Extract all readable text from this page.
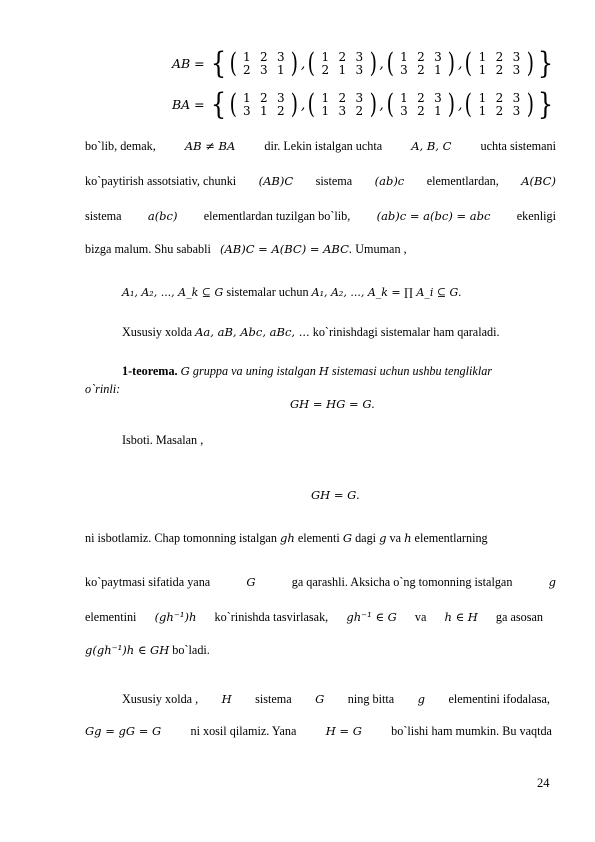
AB = { ( 1 2 3
2 3 1 ) , ( 1 2 3
2 1 3 ) , ( 1 2 3
3 2 1 ) , ( 1 2 3
1 2 3 ) }
BA = { ( 1 2 3
3 1 2 ) , ( 1 2 3
1 3 2 ) , ( 1 2 3
3 2 1 ) , ( 1 2 3
1 2 3 ) }
bo`lib, demak,	AB ≠ BA dir. Lekin istalgan uchta	A, B, C uchta sistemani
ko`paytirish assotsiativ, chunki (AB)C sistema (ab)c elementlardan, A(BC)
sistema a(bc) elementlardan tuzilgan bo`lib, (ab)c = a(bc) = abc ekenligi
bizga malum. Shu sababli (AB)C = A(BC) = ABC. Umuman ,
A₁, A₂, ..., A_k ⊆ G sistemalar uchun A₁, A₂, ..., A_k = ∏ A_i ⊆ G.
Xususiy xolda Aa, aB, Abc, aBc, ... ko`rinishdagi sistemalar ham qaraladi.
1-teorema. G gruppa va uning istalgan H sistemasi uchun ushbu tengliklar
o`rinli:
GH = HG = G.
Isboti. Masalan ,
GH = G.
ni isbotlamiz. Chap tomonning istalgan gh elementi G dagi g va h elementlarning
ko`paytmasi sifatida yana	G	ga qarashli. Aksicha o`ng tomonning istalgan	g
elementini (gh⁻¹)h ko`rinishda tasvirlasak, gh⁻¹ ∈ G va h ∈ H ga asosan
g(gh⁻¹)h ∈ GH bo`ladi.
Xususiy xolda , H sistema G ning bitta g elementini ifodalasa,
Gg = gG = G ni xosil qilamiz. Yana	H = G bo`lishi ham mumkin. Bu vaqtda
24
